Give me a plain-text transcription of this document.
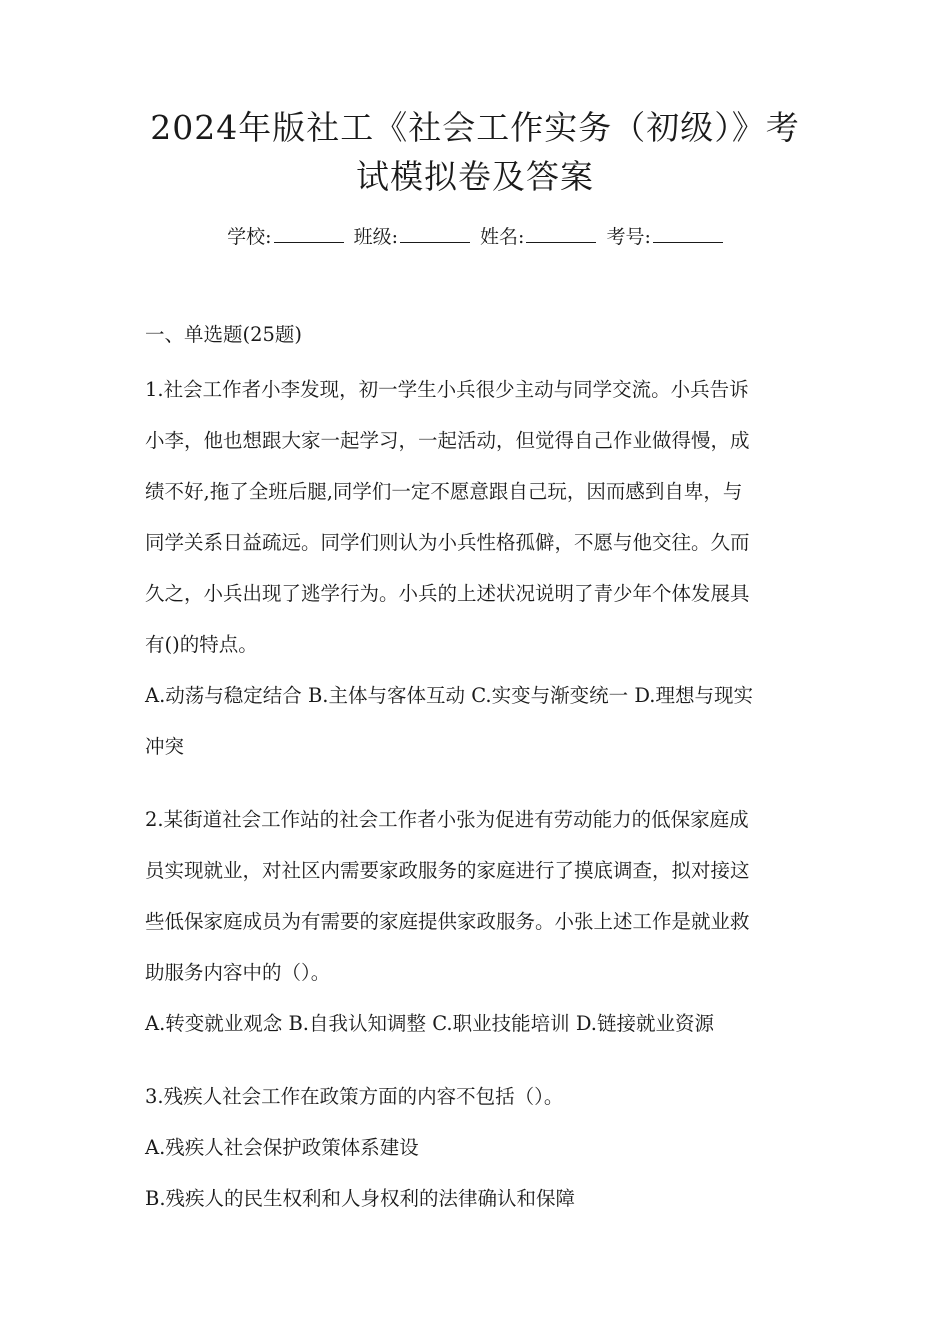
2024年版社工《社会工作实务（初级）》考
试模拟卷及答案
学校:	班级:	姓名:	考号:
一、单选题(25题)
1.社会工作者小李发现，初一学生小兵很少主动与同学交流。小兵告诉
小李，他也想跟大家一起学习，一起活动，但觉得自己作业做得慢，成
绩不好,拖了全班后腿,同学们一定不愿意跟自己玩，因而感到自卑，与
同学关系日益疏远。同学们则认为小兵性格孤僻，不愿与他交往。久而
久之，小兵出现了逃学行为。小兵的上述状况说明了青少年个体发展具
有()的特点。
A.动荡与稳定结合 B.主体与客体互动 C.实变与渐变统一 D.理想与现实
冲突
2.某街道社会工作站的社会工作者小张为促进有劳动能力的低保家庭成
员实现就业，对社区内需要家政服务的家庭进行了摸底调查，拟对接这
些低保家庭成员为有需要的家庭提供家政服务。小张上述工作是就业救
助服务内容中的（）。
A.转变就业观念 B.自我认知调整 C.职业技能培训 D.链接就业资源
3.残疾人社会工作在政策方面的内容不包括（）。
A.残疾人社会保护政策体系建设
B.残疾人的民生权利和人身权利的法律确认和保障
